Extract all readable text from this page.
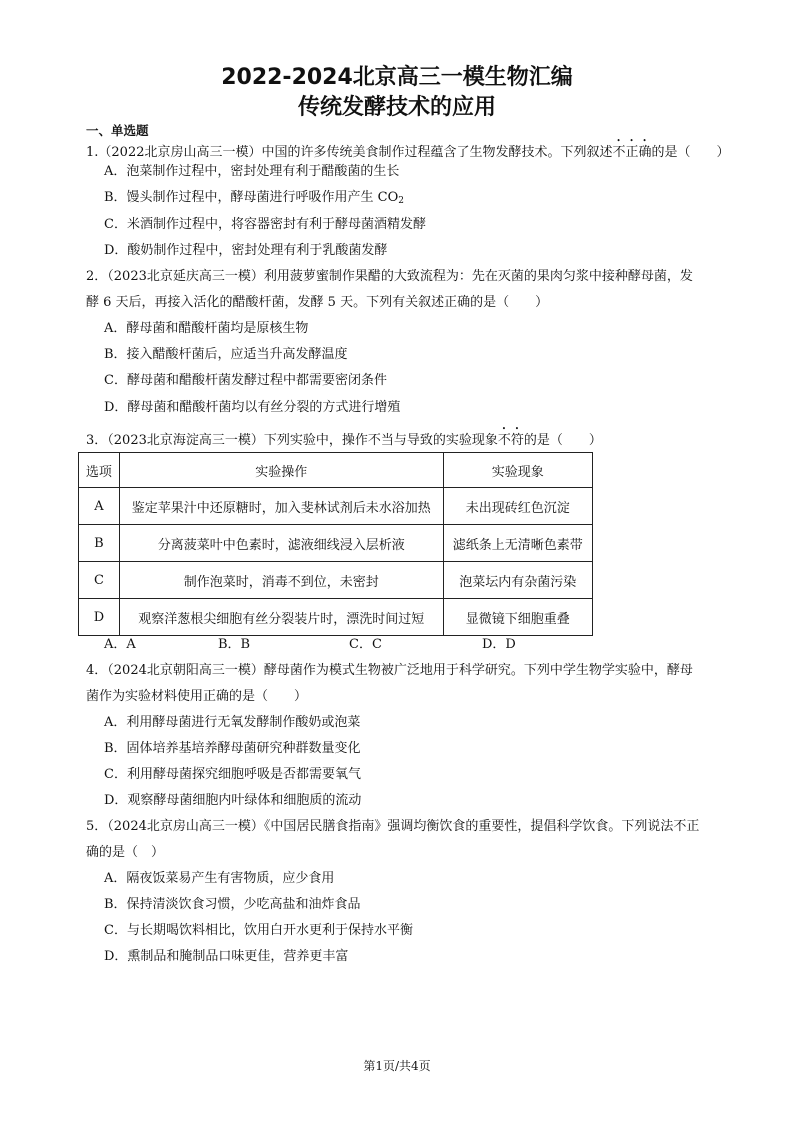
2022-2024北京高三一模生物汇编
传统发酵技术的应用
一、单选题
1.（2022北京房山高三一模）中国的许多传统美食制作过程蕴含了生物发酵技术。下列叙述不正确的是（　　）
A．泡菜制作过程中，密封处理有利于醋酸菌的生长
B．馒头制作过程中，酵母菌进行呼吸作用产生 $CO_2$
C．米酒制作过程中，将容器密封有利于酵母菌酒精发酵
D．酸奶制作过程中，密封处理有利于乳酸菌发酵
2．（2023北京延庆高三一模）利用菠萝蜜制作果醋的大致流程为：先在灭菌的果肉匀浆中接种酵母菌，发
酵 6 天后，再接入活化的醋酸杆菌，发酵 5 天。下列有关叙述正确的是（　　）
A．酵母菌和醋酸杆菌均是原核生物
B．接入醋酸杆菌后，应适当升高发酵温度
C．酵母菌和醋酸杆菌发酵过程中都需要密闭条件
D．酵母菌和醋酸杆菌均以有丝分裂的方式进行增殖
3．（2023北京海淀高三一模）下列实验中，操作不当与导致的实验现象不符的是（　　）
选项	实验操作	实验现象
A	鉴定苹果汁中还原糖时，加入斐林试剂后未水浴加热	未出现砖红色沉淀
B	分离菠菜叶中色素时，滤液细线浸入层析液	滤纸条上无清晰色素带
C	制作泡菜时，消毒不到位，未密封	泡菜坛内有杂菌污染
D	观察洋葱根尖细胞有丝分裂装片时，漂洗时间过短	显微镜下细胞重叠
A．A	B．B	C．C	D．D
4．（2024北京朝阳高三一模）酵母菌作为模式生物被广泛地用于科学研究。下列中学生物学实验中，酵母
菌作为实验材料使用正确的是（　　）
A．利用酵母菌进行无氧发酵制作酸奶或泡菜
B．固体培养基培养酵母菌研究种群数量变化
C．利用酵母菌探究细胞呼吸是否都需要氧气
D．观察酵母菌细胞内叶绿体和细胞质的流动
5．（2024北京房山高三一模）《中国居民膳食指南》强调均衡饮食的重要性，提倡科学饮食。下列说法不正
确的是（　）
A．隔夜饭菜易产生有害物质，应少食用
B．保持清淡饮食习惯，少吃高盐和油炸食品
C．与长期喝饮料相比，饮用白开水更利于保持水平衡
D．熏制品和腌制品口味更佳，营养更丰富
第1页/共4页
